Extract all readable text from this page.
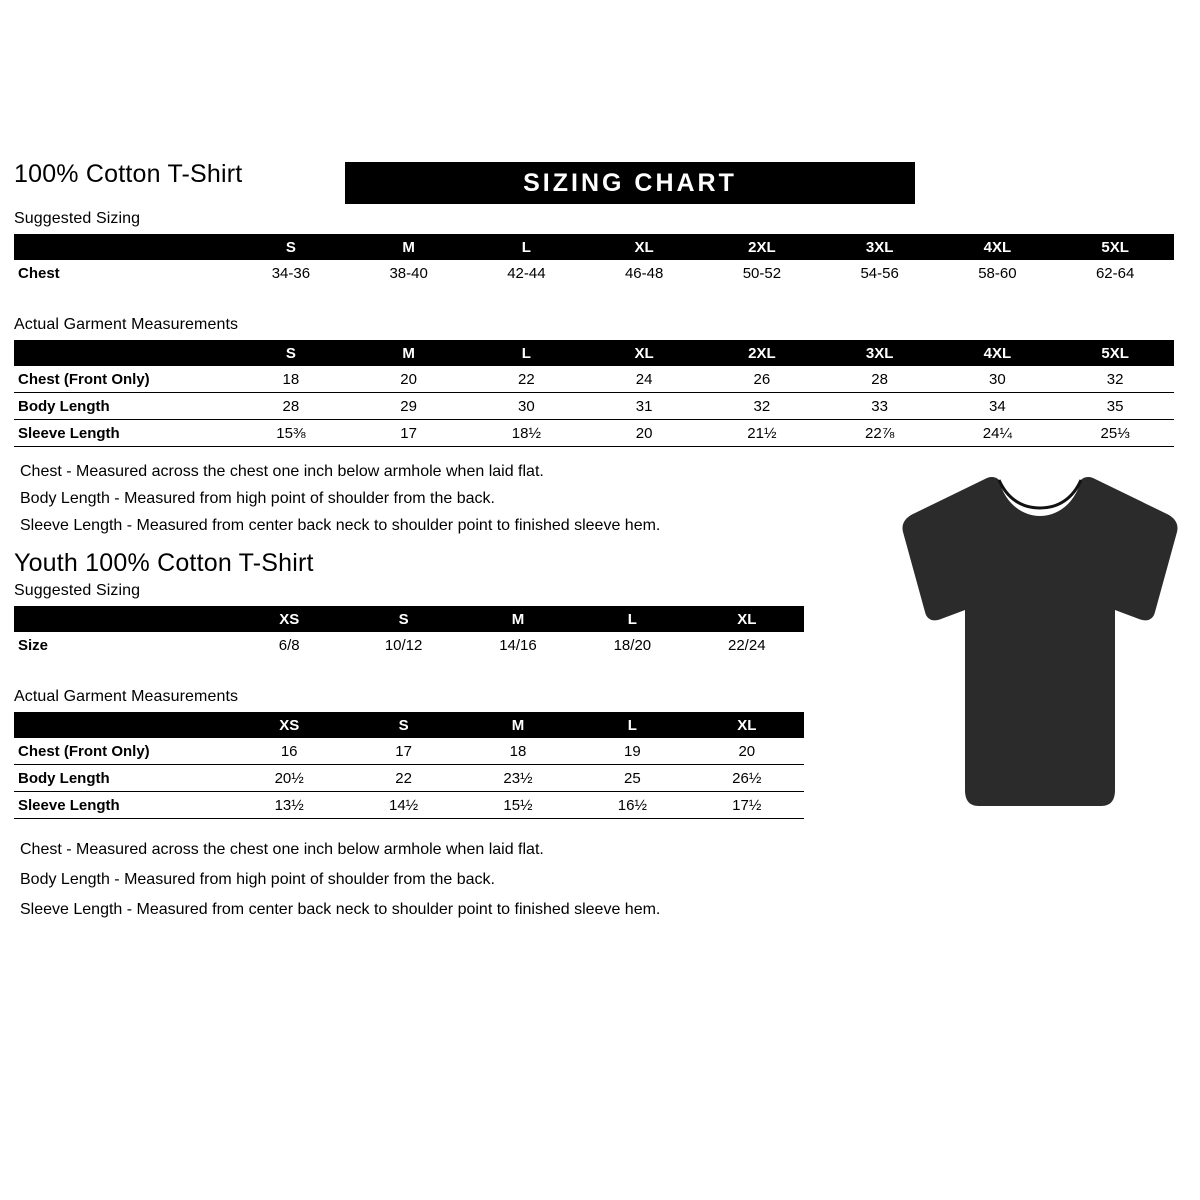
100% Cotton T-Shirt	SIZING CHART
Suggested Sizing
	S	M	L	XL	2XL	3XL	4XL	5XL
Chest	34-36	38-40	42-44	46-48	50-52	54-56	58-60	62-64
Actual Garment Measurements
	S	M	L	XL	2XL	3XL	4XL	5XL
Chest (Front Only)	18	20	22	24	26	28	30	32
Body Length	28	29	30	31	32	33	34	35
Sleeve Length	15⅜	17	18½	20	21½	22⅞	24¼	25⅓

Chest - Measured across the chest one inch below armhole when laid flat.

Body Length - Measured from high point of shoulder from the back.

Sleeve Length - Measured from center back neck to shoulder point to finished sleeve hem.

Youth 100% Cotton T-Shirt
Suggested Sizing
	XS	S	M	L	XL
Size	6/8	10/12	14/16	18/20	22/24
Actual Garment Measurements
	XS	S	M	L	XL
Chest (Front Only)	16	17	18	19	20
Body Length	20½	22	23½	25	26½
Sleeve Length	13½	14½	15½	16½	17½

Chest - Measured across the chest one inch below armhole when laid flat.

Body Length - Measured from high point of shoulder from the back.

Sleeve Length - Measured from center back neck to shoulder point to finished sleeve hem.
